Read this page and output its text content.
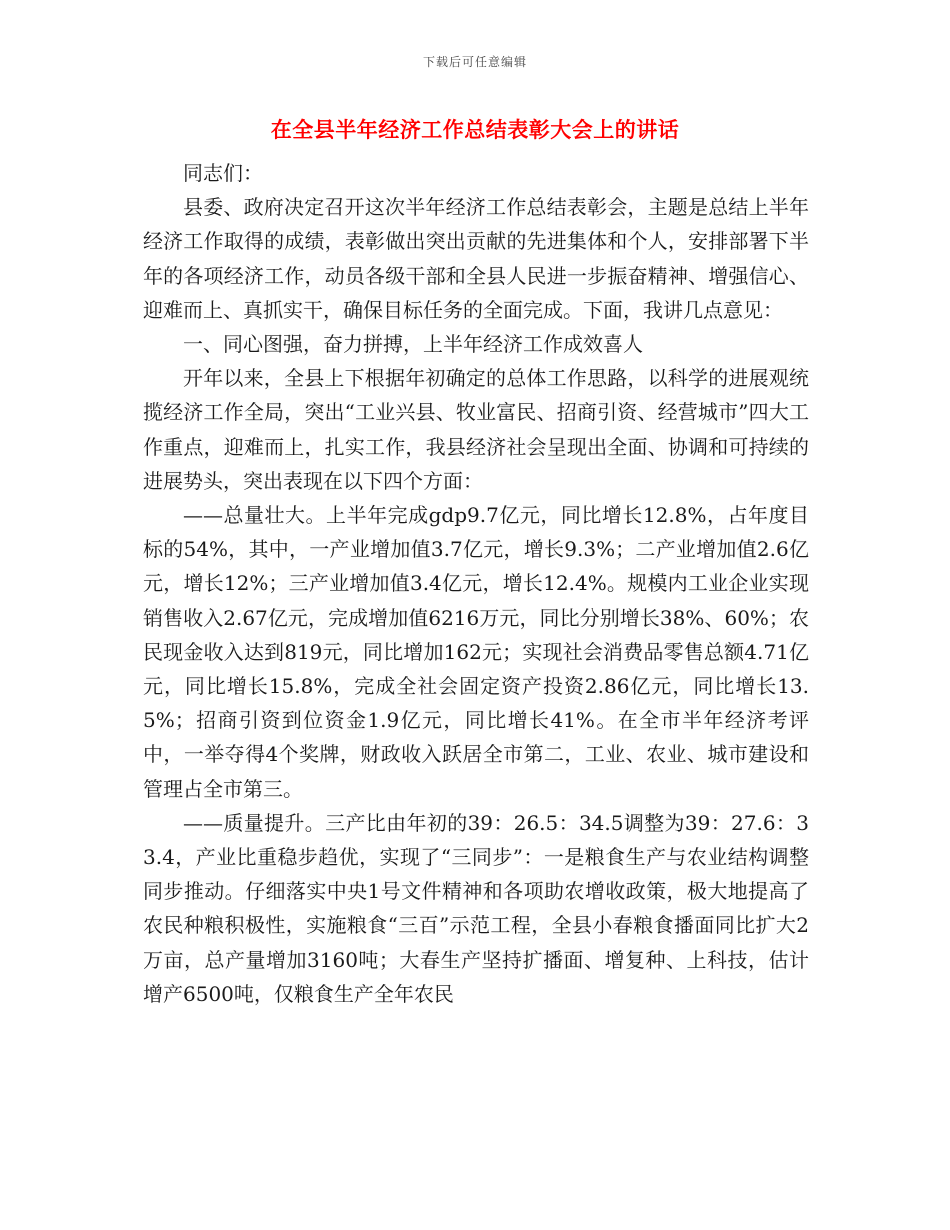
下载后可任意编辑
在全县半年经济工作总结表彰大会上的讲话

同志们：

县委、政府决定召开这次半年经济工作总结表彰会，主题是总结上半年经济工作取得的成绩，表彰做出突出贡献的先进集体和个人，安排部署下半年的各项经济工作，动员各级干部和全县人民进一步振奋精神、增强信心、迎难而上、真抓实干，确保目标任务的全面完成。下面，我讲几点意见：

一、同心图强，奋力拼搏，上半年经济工作成效喜人

开年以来，全县上下根据年初确定的总体工作思路，以科学的进展观统揽经济工作全局，突出“工业兴县、牧业富民、招商引资、经营城市”四大工作重点，迎难而上，扎实工作，我县经济社会呈现出全面、协调和可持续的进展势头，突出表现在以下四个方面：

——总量壮大。上半年完成gdp9.7亿元，同比增长12.8%，占年度目标的54%，其中，一产业增加值3.7亿元，增长9.3%；二产业增加值2.6亿元，增长12%；三产业增加值3.4亿元，增长12.4%。规模内工业企业实现销售收入2.67亿元，完成增加值6216万元，同比分别增长38%、60%；农民现金收入达到819元，同比增加162元；实现社会消费品零售总额4.71亿元，同比增长15.8%，完成全社会固定资产投资2.86亿元，同比增长13.5%；招商引资到位资金1.9亿元，同比增长41%。在全市半年经济考评中，一举夺得4个奖牌，财政收入跃居全市第二，工业、农业、城市建设和管理占全市第三。

——质量提升。三产比由年初的39：26.5：34.5调整为39：27.6：33.4，产业比重稳步趋优，实现了“三同步”：一是粮食生产与农业结构调整同步推动。仔细落实中央1号文件精神和各项助农增收政策，极大地提高了农民种粮积极性，实施粮食“三百”示范工程，全县小春粮食播面同比扩大2万亩，总产量增加3160吨；大春生产坚持扩播面、增复种、上科技，估计增产6500吨，仅粮食生产全年农民
